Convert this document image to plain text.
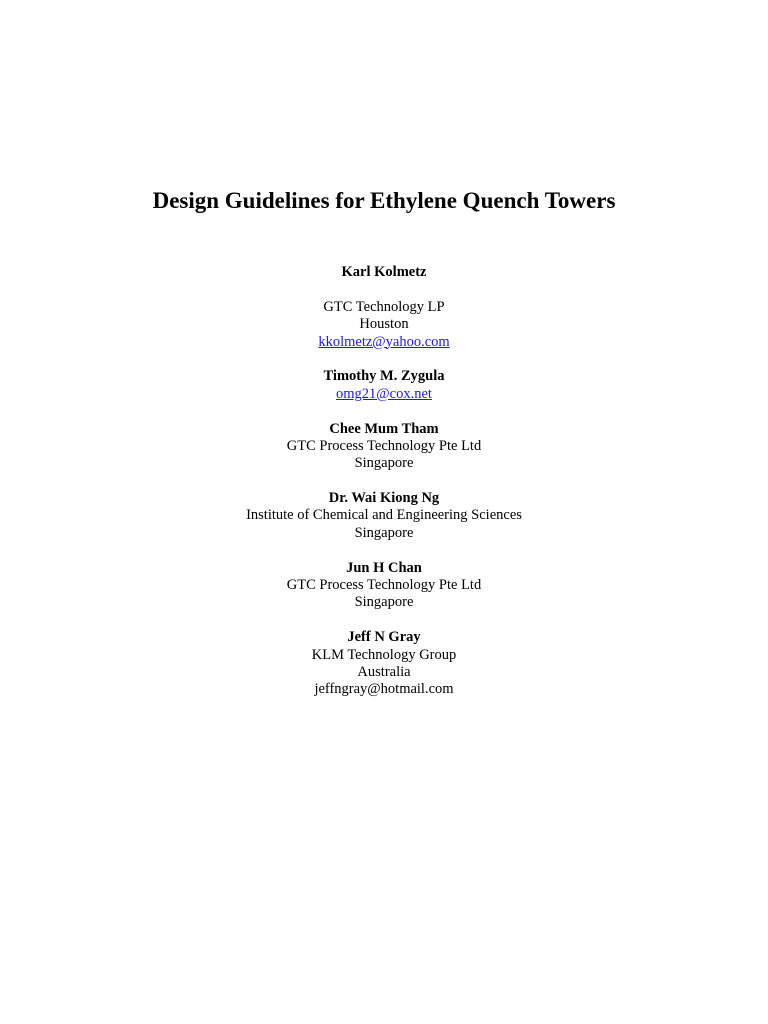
Design Guidelines for Ethylene Quench Towers
Karl Kolmetz
GTC Technology LP
Houston
kkolmetz@yahoo.com
Timothy M. Zygula
omg21@cox.net
Chee Mum Tham
GTC Process Technology Pte Ltd
Singapore
Dr. Wai Kiong Ng
Institute of Chemical and Engineering Sciences
Singapore
Jun H Chan
GTC Process Technology Pte Ltd
Singapore
Jeff N Gray
KLM Technology Group
Australia
jeffngray@hotmail.com
